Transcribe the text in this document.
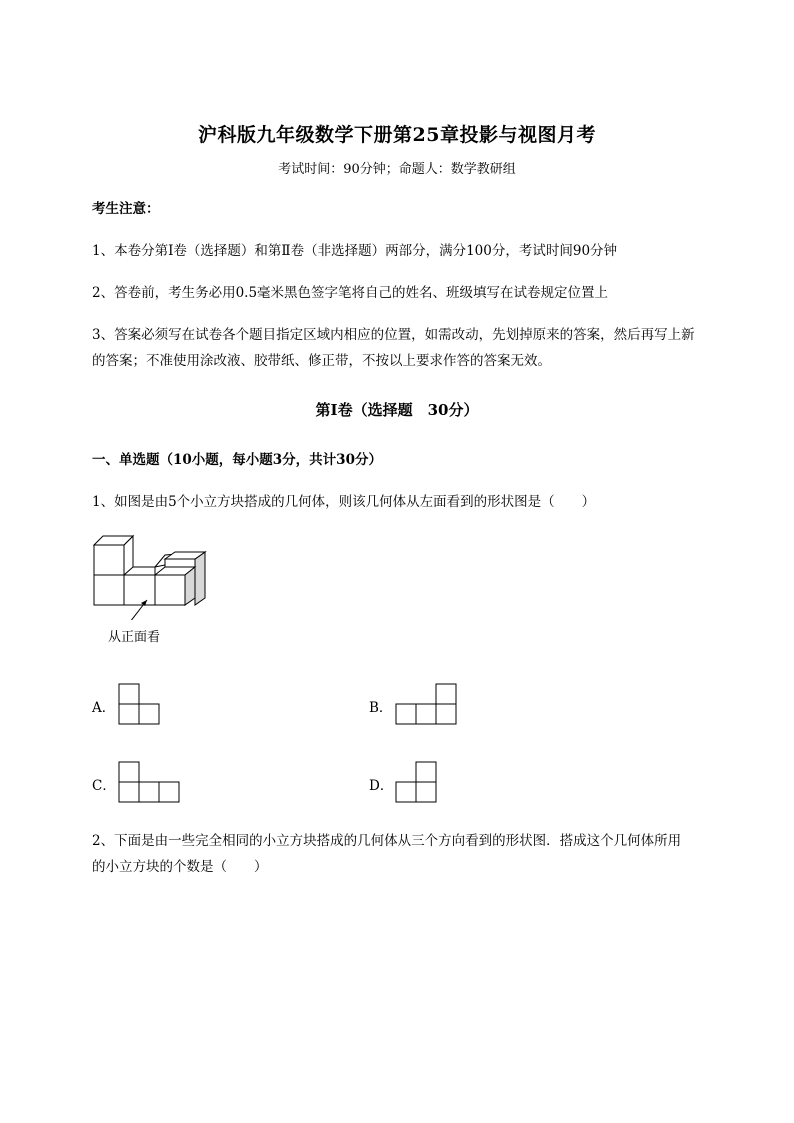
沪科版九年级数学下册第25章投影与视图月考
考试时间：90分钟；命题人：数学教研组
考生注意：
1、本卷分第I卷（选择题）和第Ⅱ卷（非选择题）两部分，满分100分，考试时间90分钟
2、答卷前，考生务必用0.5毫米黑色签字笔将自己的姓名、班级填写在试卷规定位置上
3、答案必须写在试卷各个题目指定区域内相应的位置，如需改动，先划掉原来的答案，然后再写上新
的答案；不准使用涂改液、胶带纸、修正带，不按以上要求作答的答案无效。
第I卷（选择题　30分）
一、单选题（10小题，每小题3分，共计30分）
1、如图是由5个小立方块搭成的几何体，则该几何体从左面看到的形状图是（　　）
从正面看
A．	B．
C．	D．
2、下面是由一些完全相同的小立方块搭成的几何体从三个方向看到的形状图．搭成这个几何体所用
的小立方块的个数是（　　）
